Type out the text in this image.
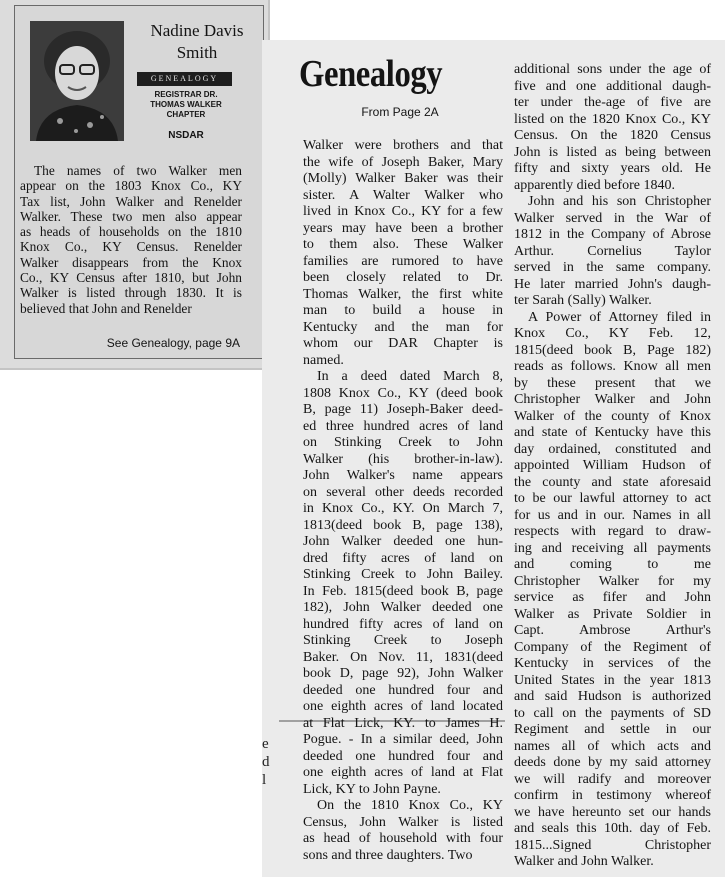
Nadine Davis
Smith
GENEALOGY
REGISTRAR DR.
THOMAS WALKER
CHAPTER
NSDAR
The names of two Walker men
appear on the 1803 Knox Co., KY
Tax list, John Walker and Renelder
Walker. These two men also appear
as heads of households on the 1810
Knox Co., KY Census. Renelder
Walker disappears from the Knox
Co., KY Census after 1810, but John
Walker is listed through 1830. It is
believed that John and Renelder
See Genealogy, page 9A
e
d
l
Genealogy
From Page 2A
Walker were brothers and that
the wife of Joseph Baker, Mary
(Molly) Walker Baker was their
sister. A Walter Walker who
lived in Knox Co., KY for a few
years may have been a brother
to them also. These Walker
families are rumored to have
been closely related to Dr.
Thomas Walker, the first white
man to build a house in
Kentucky and the man for
whom our DAR Chapter is
named.
In a deed dated March 8,
1808 Knox Co., KY (deed book
B, page 11) Joseph-Baker deed-
ed three hundred acres of land
on Stinking Creek to John
Walker (his brother-in-law).
John Walker's name appears
on several other deeds recorded
in Knox Co., KY. On March 7,
1813(deed book B, page 138),
John Walker deeded one hun-
dred fifty acres of land on
Stinking Creek to John Bailey.
In Feb. 1815(deed book B, page
182), John Walker deeded one
hundred fifty acres of land on
Stinking Creek to Joseph
Baker. On Nov. 11, 1831(deed
book D, page 92), John Walker
deeded one hundred four and
one eighth acres of land located
at Flat Lick, KY. to James H.
Pogue. - In a similar deed, John
deeded one hundred four and
one eighth acres of land at Flat
Lick, KY to John Payne.
On the 1810 Knox Co., KY
Census, John Walker is listed
as head of household with four
sons and three daughters. Two
additional sons under the age of
five and one additional daugh-
ter under the-age of five are
listed on the 1820 Knox Co., KY
Census. On the 1820 Census
John is listed as being between
fifty and sixty years old. He
apparently died before 1840.
John and his son Christopher
Walker served in the War of
1812 in the Company of Abrose
Arthur. Cornelius Taylor
served in the same company.
He later married John's daugh-
ter Sarah (Sally) Walker.
A Power of Attorney filed in
Knox Co., KY Feb. 12,
1815(deed book B, Page 182)
reads as follows. Know all men
by these present that we
Christopher Walker and John
Walker of the county of Knox
and state of Kentucky have this
day ordained, constituted and
appointed William Hudson of
the county and state aforesaid
to be our lawful attorney to act
for us and in our. Names in all
respects with regard to draw-
ing and receiving all payments
and coming to me
Christopher Walker for my
service as fifer and John
Walker as Private Soldier in
Capt. Ambrose Arthur's
Company of the Regiment of
Kentucky in services of the
United States in the year 1813
and said Hudson is authorized
to call on the payments of SD
Regiment and settle in our
names all of which acts and
deeds done by my said attorney
we will radify and moreover
confirm in testimony whereof
we have hereunto set our hands
and seals this 10th. day of Feb.
1815...Signed Christopher
Walker and John Walker.
